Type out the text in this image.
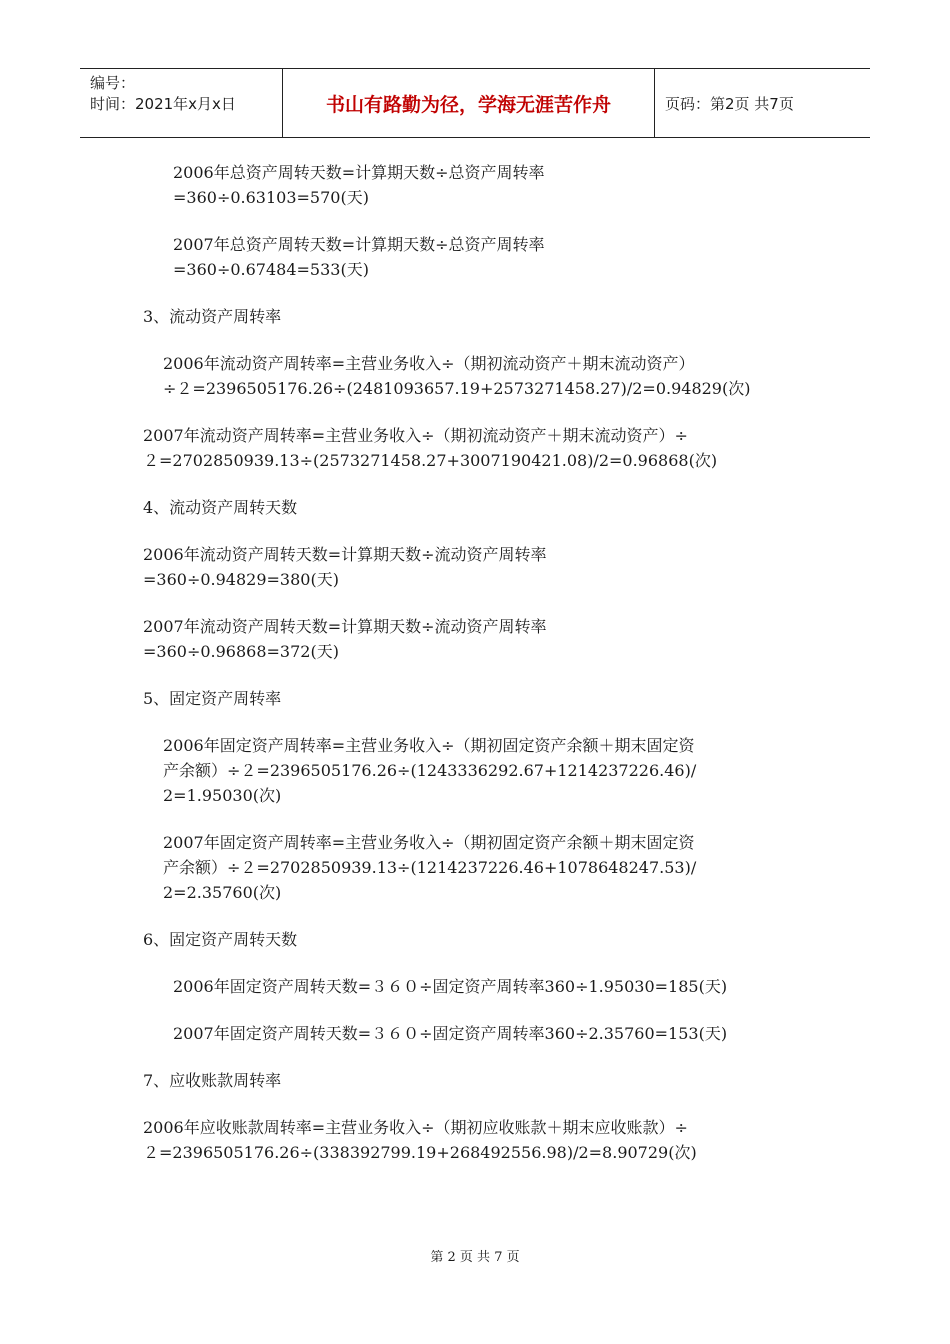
编号：
时间：2021年x月x日	书山有路勤为径，学海无涯苦作舟	页码：第2页 共7页
2006年总资产周转天数=计算期天数÷总资产周转率
=360÷0.63103=570(天)
2007年总资产周转天数=计算期天数÷总资产周转率
=360÷0.67484=533(天)
3、流动资产周转率
2006年流动资产周转率=主营业务收入÷（期初流动资产＋期末流动资产）
÷２=2396505176.26÷(2481093657.19+2573271458.27)/2=0.94829(次)
2007年流动资产周转率=主营业务收入÷（期初流动资产＋期末流动资产）÷
２=2702850939.13÷(2573271458.27+3007190421.08)/2=0.96868(次)
4、流动资产周转天数
2006年流动资产周转天数=计算期天数÷流动资产周转率
=360÷0.94829=380(天)
2007年流动资产周转天数=计算期天数÷流动资产周转率
=360÷0.96868=372(天)
5、固定资产周转率
2006年固定资产周转率=主营业务收入÷（期初固定资产余额＋期末固定资
产余额）÷２=2396505176.26÷(1243336292.67+1214237226.46)/
2=1.95030(次)
2007年固定资产周转率=主营业务收入÷（期初固定资产余额＋期末固定资
产余额）÷２=2702850939.13÷(1214237226.46+1078648247.53)/
2=2.35760(次)
6、固定资产周转天数
2006年固定资产周转天数=３６０÷固定资产周转率360÷1.95030=185(天)
2007年固定资产周转天数=３６０÷固定资产周转率360÷2.35760=153(天)
7、应收账款周转率
2006年应收账款周转率=主营业务收入÷（期初应收账款＋期末应收账款）÷
２=2396505176.26÷(338392799.19+268492556.98)/2=8.90729(次)
第 2 页 共 7 页
